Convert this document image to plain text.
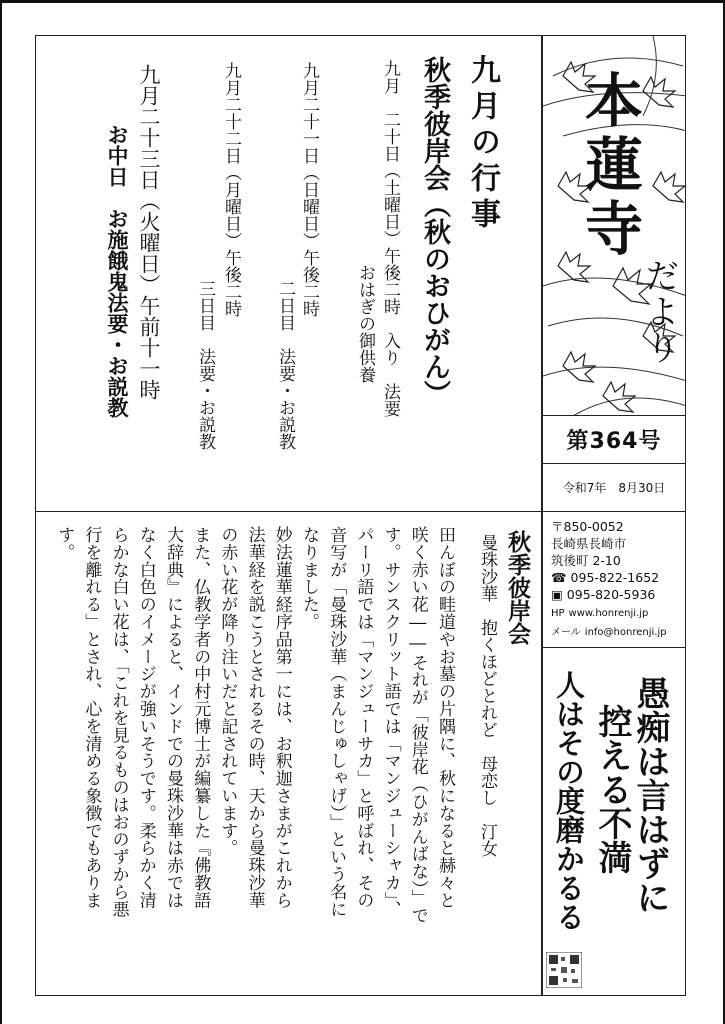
本蓮寺
だより
第364号
令和7年　8月30日
〒850-0052
長崎県長崎市
筑後町 2-10
☎ 095-822-1652
▣ 095-820-5936
HP www.honrenji.jp
メール info@honrenji.jp
愚痴は言はずに
控える不満
人はその度磨かるる
九月の行事
秋季彼岸会（秋のおひがん）
九月　二十日（土曜日）午後二時　入り　法要
おはぎの御供養
九月二十一日（日曜日）午後二時
二日目　法要・お説教
九月二十二日（月曜日）午後二時
三日目　法要・お説教
九月二十三日（火曜日）午前十一時
お中日　お施餓鬼法要・お説教
秋季彼岸会
曼珠沙華　抱くほどとれど　母恋し　汀女
田んぼの畦道やお墓の片隅に、秋になると赫々と
咲く赤い花――それが「彼岸花（ひがんばな）」で
す。サンスクリット語では「マンジューシャカ」、
パーリ語では「マンジューサカ」と呼ばれ、その
音写が「曼珠沙華（まんじゅしゃげ）」という名に
なりました。
妙法蓮華経序品第一には、お釈迦さまがこれから
法華経を説こうとされるその時、天から曼珠沙華
の赤い花が降り注いだと記されています。
また、仏教学者の中村元博士が編纂した『佛教語
大辞典』によると、インドでの曼珠沙華は赤では
なく白色のイメージが強いそうです。柔らかく清
らかな白い花は、「これを見るものはおのずから悪
行を離れる」とされ、心を清める象徴でもありま
す。
